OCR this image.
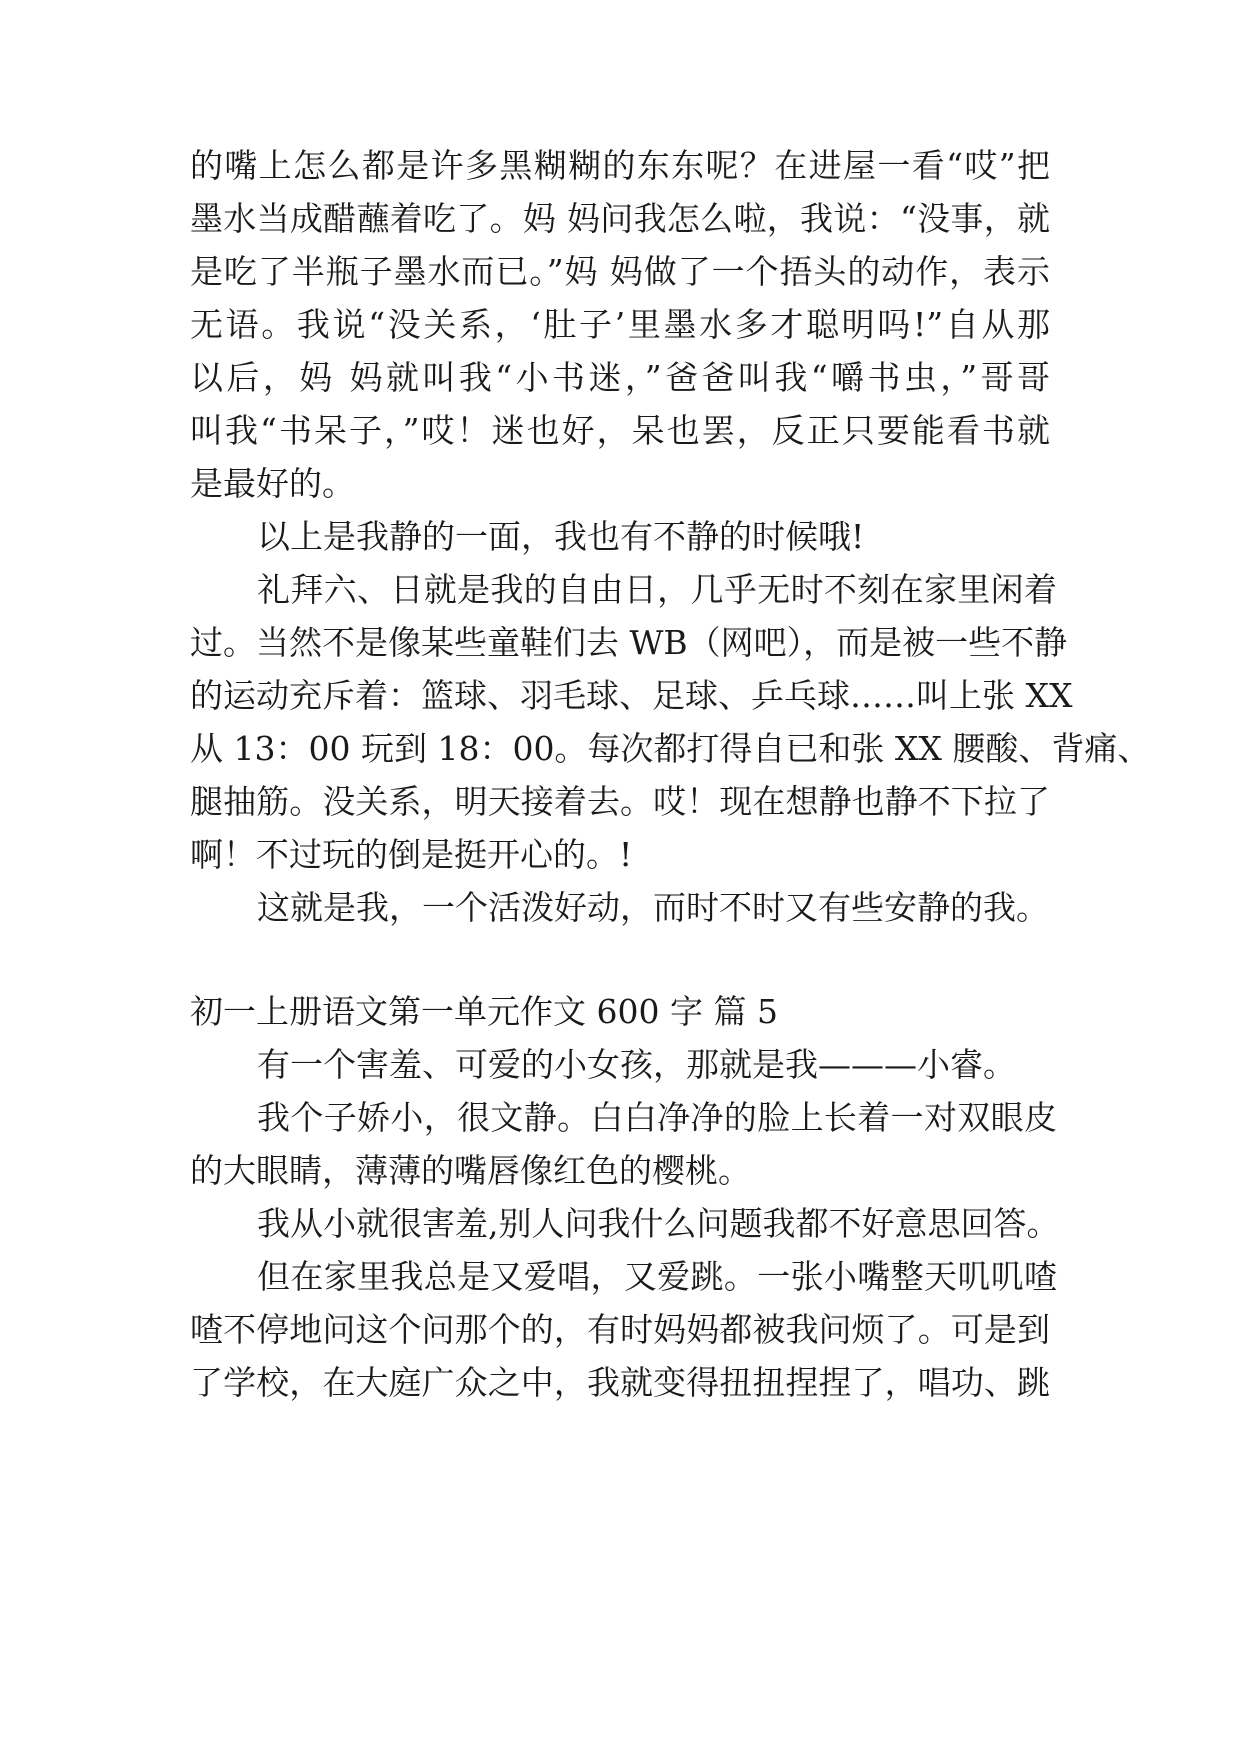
的嘴上怎么都是许多黑糊糊的东东呢？在进屋一看“哎”把
墨水当成醋蘸着吃了。妈 妈问我怎么啦，我说：“没事，就
是吃了半瓶子墨水而已。”妈 妈做了一个捂头的动作，表示
无语。我说“没关系，‘肚子’里墨水多才聪明吗!”自从那
以后，妈 妈就叫我“小书迷，”爸爸叫我“嚼书虫，”哥哥
叫我“书呆子，”哎！迷也好，呆也罢，反正只要能看书就
是最好的。
以上是我静的一面，我也有不静的时候哦!
礼拜六、日就是我的自由日，几乎无时不刻在家里闲着
过。当然不是像某些童鞋们去 WB（网吧），而是被一些不静
的运动充斥着：篮球、羽毛球、足球、乒乓球……叫上张 XX
从 13：00 玩到 18：00。每次都打得自已和张 XX 腰酸、背痛、
腿抽筋。没关系，明天接着去。哎！现在想静也静不下拉了
啊！不过玩的倒是挺开心的。!
这就是我，一个活泼好动，而时不时又有些安静的我。
初一上册语文第一单元作文 600 字 篇 5
有一个害羞、可爱的小女孩，那就是我———小睿。
我个子娇小，很文静。白白净净的脸上长着一对双眼皮
的大眼睛，薄薄的嘴唇像红色的樱桃。
我从小就很害羞,别人问我什么问题我都不好意思回答。
但在家里我总是又爱唱，又爱跳。一张小嘴整天叽叽喳
喳不停地问这个问那个的，有时妈妈都被我问烦了。可是到
了学校，在大庭广众之中，我就变得扭扭捏捏了，唱功、跳
